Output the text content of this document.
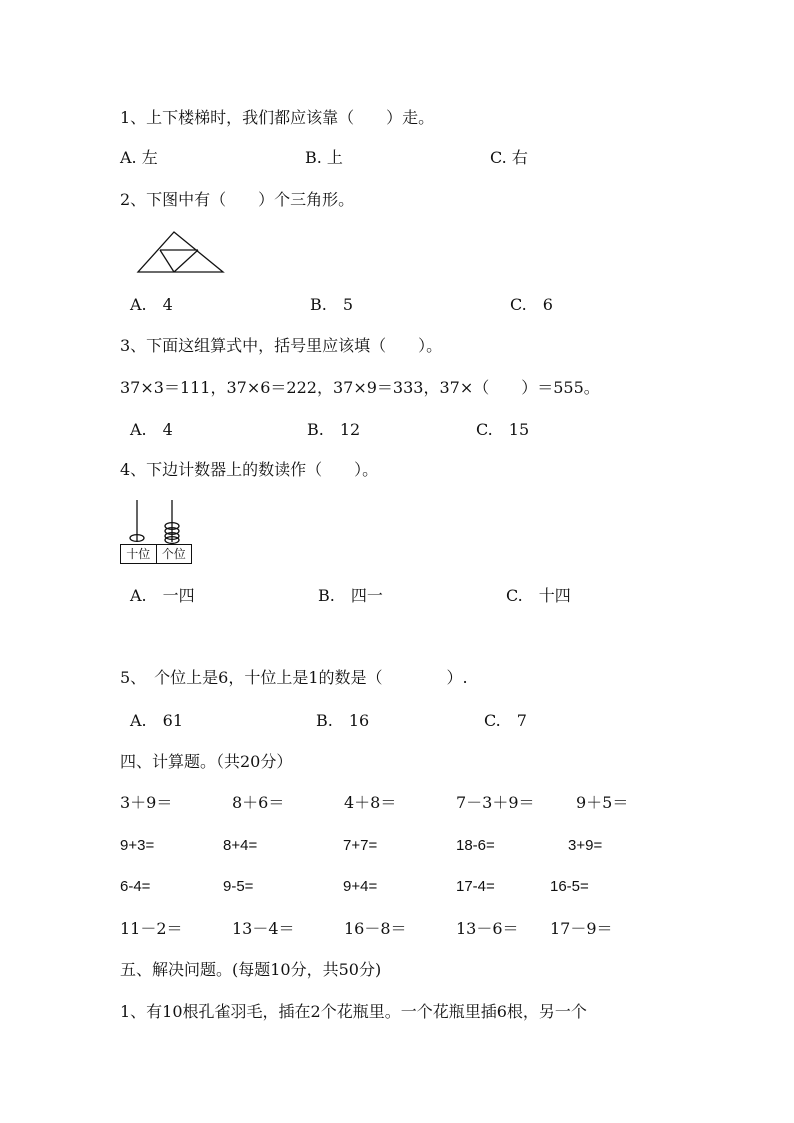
1、上下楼梯时，我们都应该靠（　　）走。
A. 左	B. 上	C. 右
2、下图中有（　　）个三角形。
A.　4	B.　5	C.　6
3、下面这组算式中，括号里应该填（　　）。
37×3＝111，37×6＝222，37×9＝333，37×（　　）＝555。
A.　4	B.　12	C.　15
4、下边计数器上的数读作（　　）。
十位 个位
A.　一四	B.　四一	C.　十四
5、　个位上是6，十位上是1的数是（　　　　）.
A.　61	B.　16	C.　7
四、计算题。（共20分）
3＋9＝	8＋6＝	4＋8＝	7－3＋9＝	9＋5＝
9+3=	8+4=	7+7=	18-6=	3+9=
6-4=	9-5=	9+4=	17-4=	16-5=
11－2＝	13－4＝	16－8＝	13－6＝ 17－9＝
五、解决问题。(每题10分，共50分)
1、有10根孔雀羽毛，插在2个花瓶里。一个花瓶里插6根，另一个
